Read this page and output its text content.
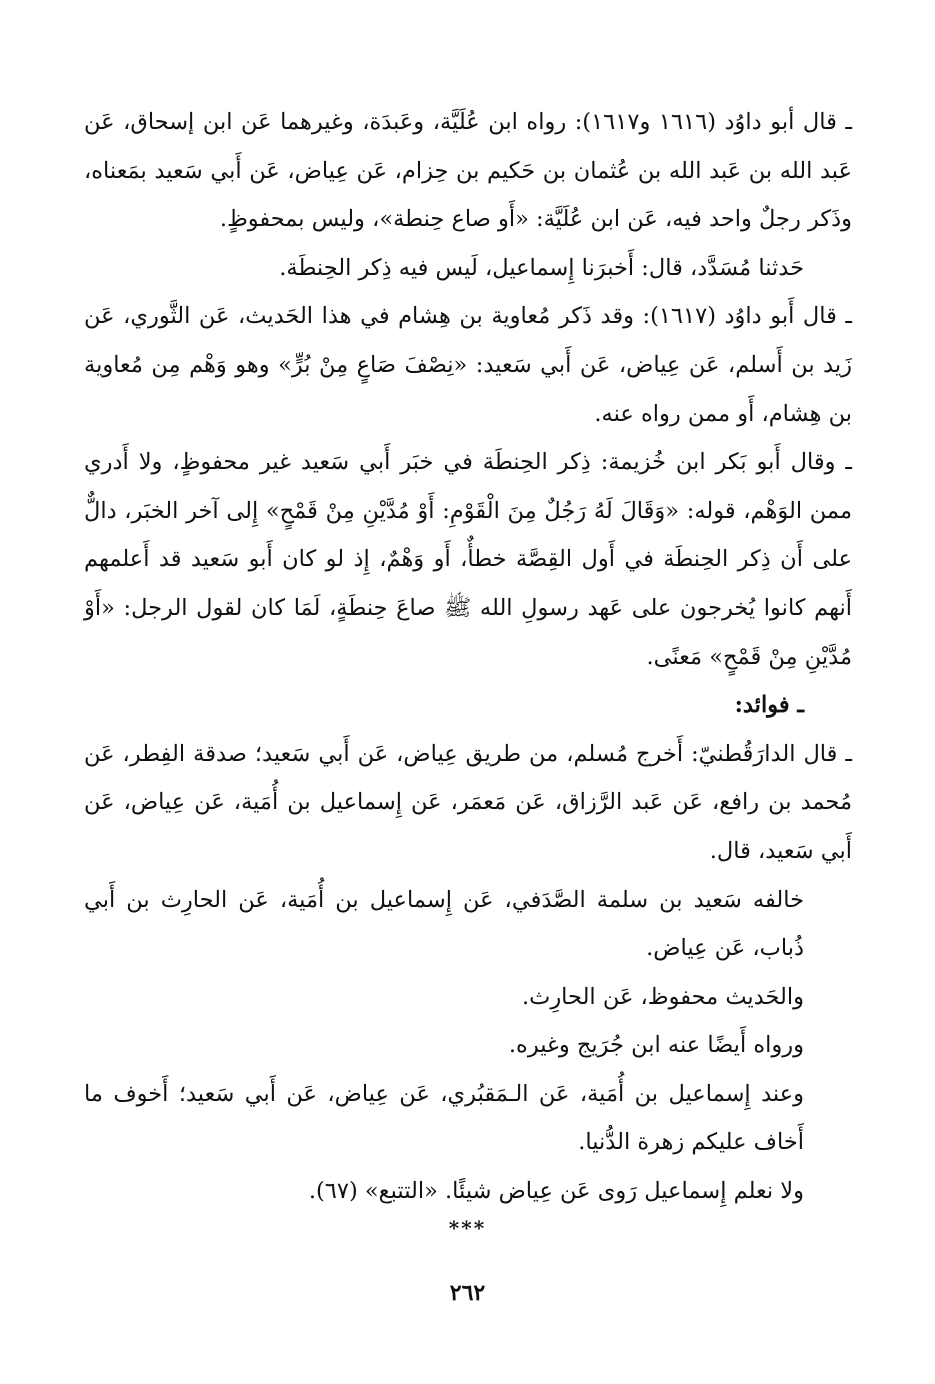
ـ قال أبو داوُد (١٦١٦ و١٦١٧): رواه ابن عُلَيَّة، وعَبدَة، وغيرهما عَن ابن إسحاق، عَن عَبد الله بن عَبد الله بن عُثمان بن حَكيم بن حِزام، عَن عِياض، عَن أَبي سَعيد بمَعناه، وذَكر رجلٌ واحد فيه، عَن ابن عُلَيَّة: «أَو صاع حِنطة»، وليس بمحفوظٍ.

حَدثنا مُسَدَّد، قال: أَخبرَنا إِسماعيل، لَيس فيه ذِكر الحِنطَة.

ـ قال أَبو داوُد (١٦١٧): وقد ذَكر مُعاوية بن هِشام في هذا الحَديث، عَن الثَّوري، عَن زَيد بن أَسلم، عَن عِياض، عَن أَبي سَعيد: «نِصْفَ صَاعٍ مِنْ بُرٍّ» وهو وَهْم مِن مُعاوية بن هِشام، أَو ممن رواه عنه.

ـ وقال أَبو بَكر ابن خُزيمة: ذِكر الحِنطَة في خبَر أَبي سَعيد غير محفوظٍ، ولا أَدري ممن الوَهْم، قوله: «وَقَالَ لَهُ رَجُلٌ مِنَ الْقَوْمِ: أَوْ مُدَّيْنِ مِنْ قَمْحٍ» إِلى آخر الخبَر، دالٌّ على أَن ذِكر الحِنطَة في أَول القِصَّة خطأٌ، أَو وَهْمٌ، إِذ لو كان أَبو سَعيد قد أَعلمهم أَنهم كانوا يُخرجون على عَهد رسولِ الله ﷺ صاعَ حِنطَةٍ، لَمَا كان لقول الرجل: «أَوْ مُدَّيْنِ مِنْ قَمْحٍ» مَعنًى.

ـ فوائد:

ـ قال الدارَقُطنيّ: أَخرج مُسلم، من طريق عِياض، عَن أَبي سَعيد؛ صدقة الفِطر، عَن مُحمد بن رافع، عَن عَبد الرَّزاق، عَن مَعمَر، عَن إِسماعيل بن أُمَية، عَن عِياض، عَن أَبي سَعيد، قال.

خالفه سَعيد بن سلمة الصَّدَفي، عَن إِسماعيل بن أُمَية، عَن الحارِث بن أَبي ذُباب، عَن عِياض.

والحَديث محفوظ، عَن الحارِث.

ورواه أَيضًا عنه ابن جُرَيج وغيره.

وعند إِسماعيل بن أُمَية، عَن الـمَقبُري، عَن عِياض، عَن أَبي سَعيد؛ أَخوف ما أَخاف عليكم زهرة الدُّنيا.

ولا نعلم إِسماعيل رَوى عَن عِياض شيئًا. «التتبع» (٦٧).

***
٢٦٢
